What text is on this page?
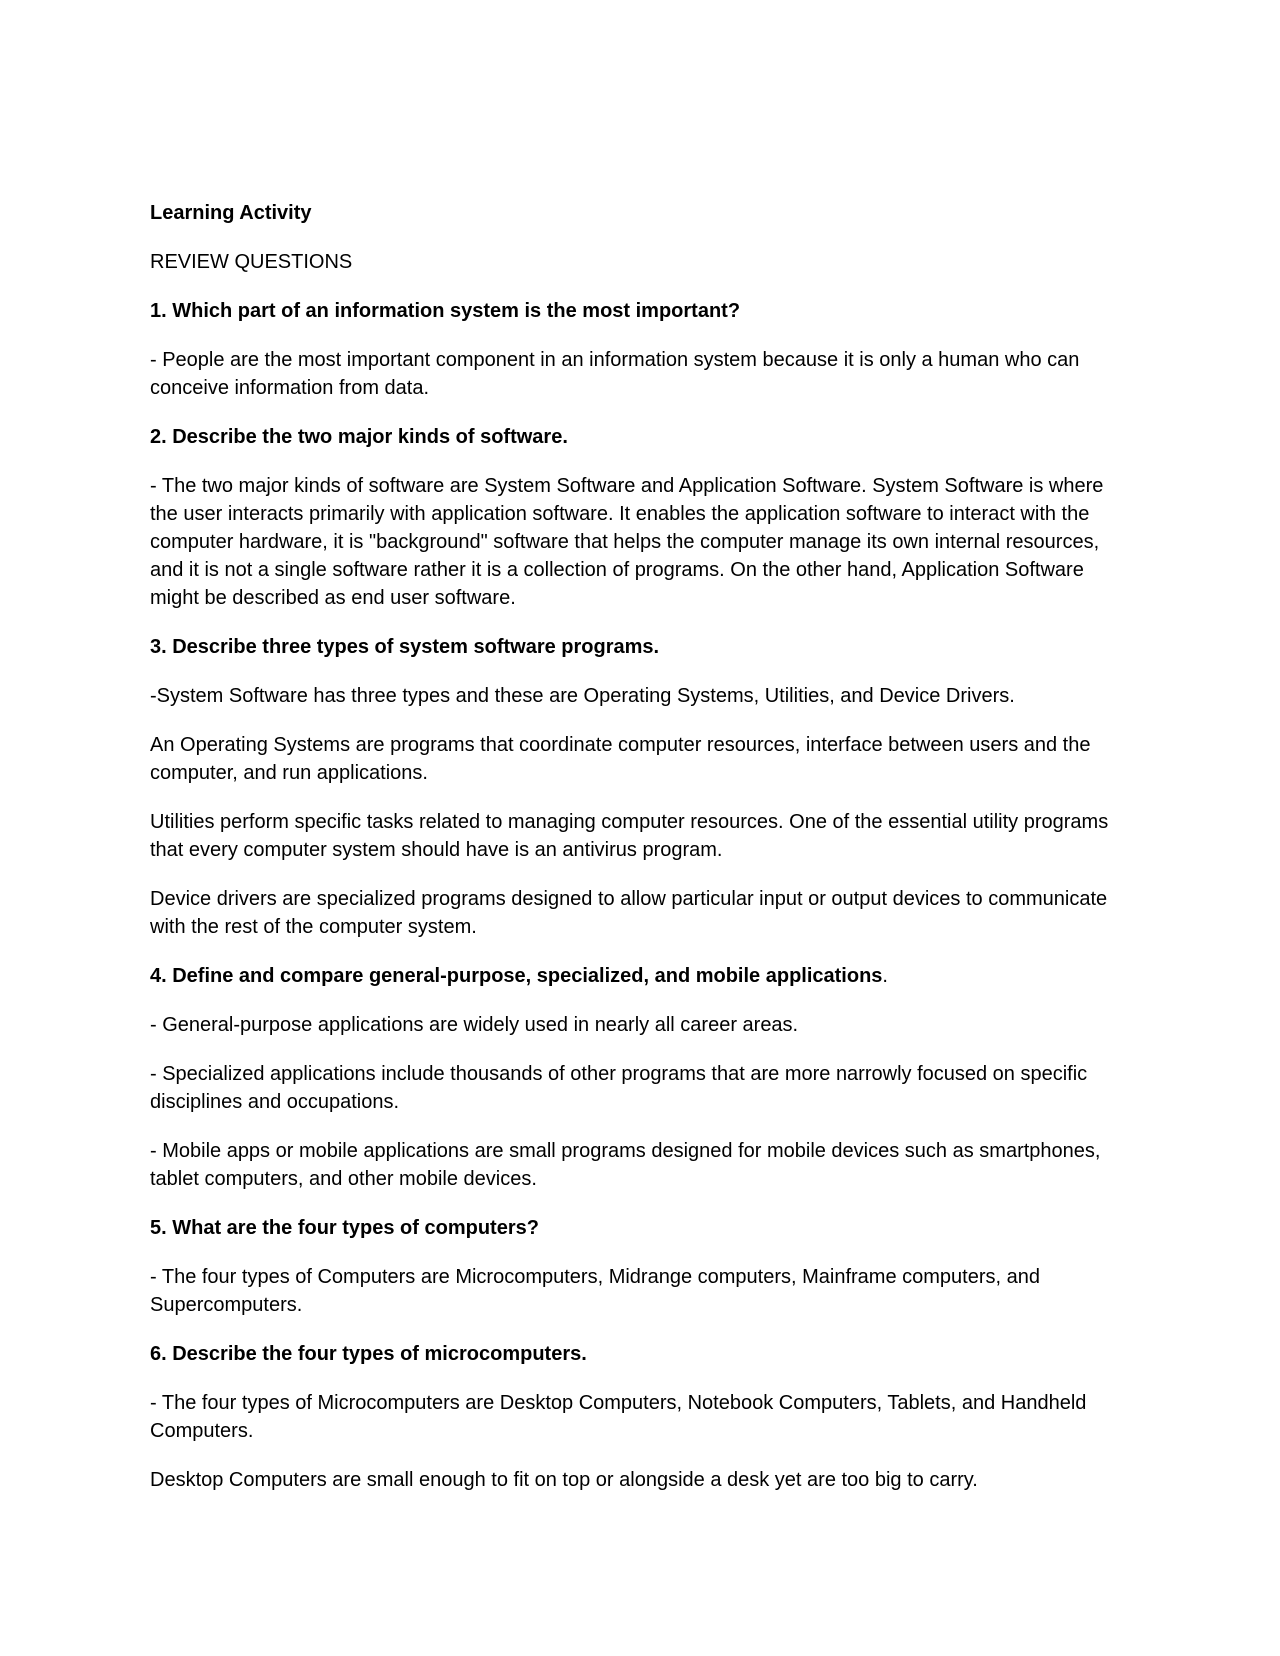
Learning Activity

REVIEW QUESTIONS

1. Which part of an information system is the most important?

- People are the most important component in an information system because it is only a human who can conceive information from data.

2. Describe the two major kinds of software.

- The two major kinds of software are System Software and Application Software. System Software is where the user interacts primarily with application software. It enables the application software to interact with the computer hardware, it is "background" software that helps the computer manage its own internal resources, and it is not a single software rather it is a collection of programs. On the other hand, Application Software might be described as end user software.

3. Describe three types of system software programs.

-System Software has three types and these are Operating Systems, Utilities, and Device Drivers.

An Operating Systems are programs that coordinate computer resources, interface between users and the computer, and run applications.

Utilities perform specific tasks related to managing computer resources. One of the essential utility programs that every computer system should have is an antivirus program.

Device drivers are specialized programs designed to allow particular input or output devices to communicate with the rest of the computer system.

4. Define and compare general-purpose, specialized, and mobile applications.

- General-purpose applications are widely used in nearly all career areas.

- Specialized applications include thousands of other programs that are more narrowly focused on specific disciplines and occupations.

- Mobile apps or mobile applications are small programs designed for mobile devices such as smartphones, tablet computers, and other mobile devices.

5. What are the four types of computers?

- The four types of Computers are Microcomputers, Midrange computers, Mainframe computers, and Supercomputers.

6. Describe the four types of microcomputers.

- The four types of Microcomputers are Desktop Computers, Notebook Computers, Tablets, and Handheld Computers.

Desktop Computers are small enough to fit on top or alongside a desk yet are too big to carry.
